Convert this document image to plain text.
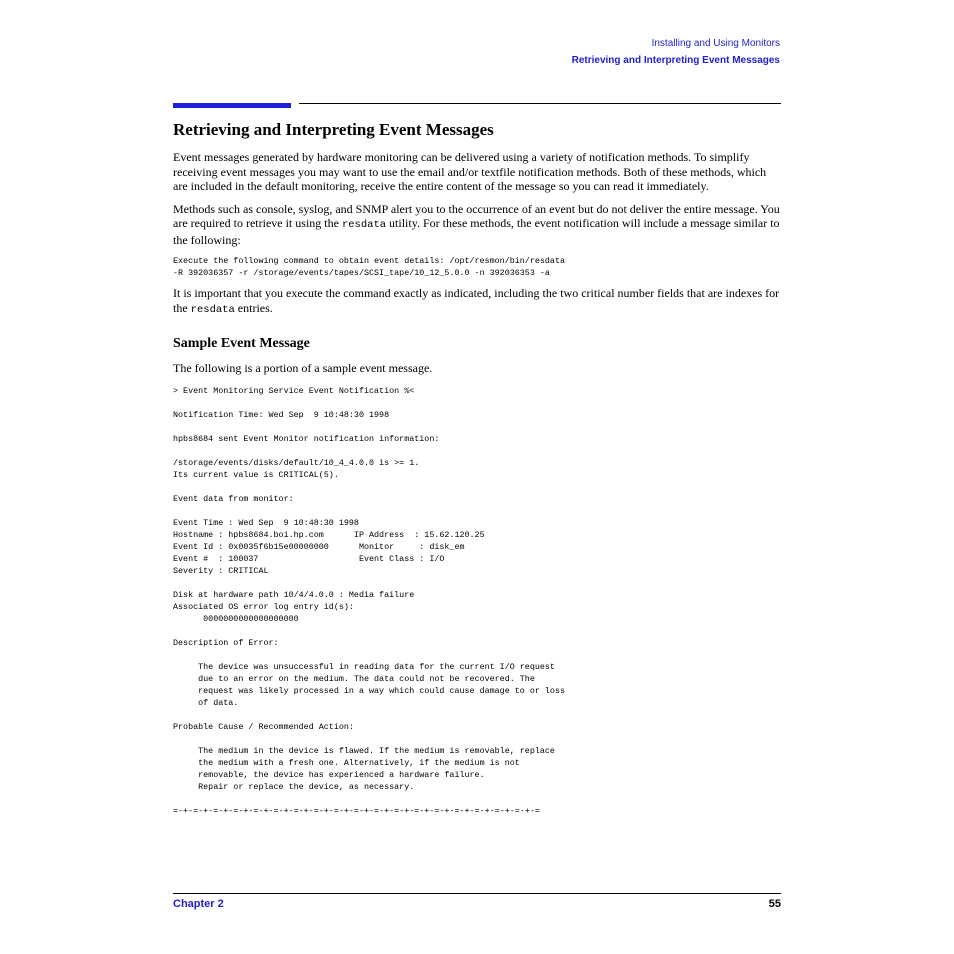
Installing and Using Monitors
Retrieving and Interpreting Event Messages
Retrieving and Interpreting Event Messages

Event messages generated by hardware monitoring can be delivered using a variety of notification methods. To simplify receiving event messages you may want to use the email and/or textfile notification methods. Both of these methods, which are included in the default monitoring, receive the entire content of the message so you can read it immediately.

Methods such as console, syslog, and SNMP alert you to the occurrence of an event but do not deliver the entire message. You are required to retrieve it using the resdata utility. For these methods, the event notification will include a message similar to the following:

Execute the following command to obtain event details: /opt/resmon/bin/resdata
-R 392036357 -r /storage/events/tapes/SCSI_tape/10_12_5.0.0 -n 392036353 -a

It is important that you execute the command exactly as indicated, including the two critical number fields that are indexes for the resdata entries.

Sample Event Message

The following is a portion of a sample event message.

> Event Monitoring Service Event Notification %<

Notification Time: Wed Sep  9 10:48:30 1998

hpbs8684 sent Event Monitor notification information:

/storage/events/disks/default/10_4_4.0.0 is >= 1.
Its current value is CRITICAL(5).

Event data from monitor:

Event Time : Wed Sep  9 10:48:30 1998
Hostname : hpbs8684.boi.hp.com      IP Address  : 15.62.120.25
Event Id : 0x0035f6b15e00000000      Monitor     : disk_em
Event #  : 100037                    Event Class : I/O
Severity : CRITICAL

Disk at hardware path 10/4/4.0.0 : Media failure
Associated OS error log entry id(s):
0000000000000000000

Description of Error:

The device was unsuccessful in reading data for the current I/O request
due to an error on the medium. The data could not be recovered. The
request was likely processed in a way which could cause damage to or loss
of data.

Probable Cause / Recommended Action:

The medium in the device is flawed. If the medium is removable, replace
the medium with a fresh one. Alternatively, if the medium is not
removable, the device has experienced a hardware failure.
Repair or replace the device, as necessary.

=-+-=-+-=-+-=-+-=-+-=-+-=-+-=-+-=-+-=-+-=-+-=-+-=-+-=-+-=-+-=-+-=-+-=-+-=
Chapter 2	55
